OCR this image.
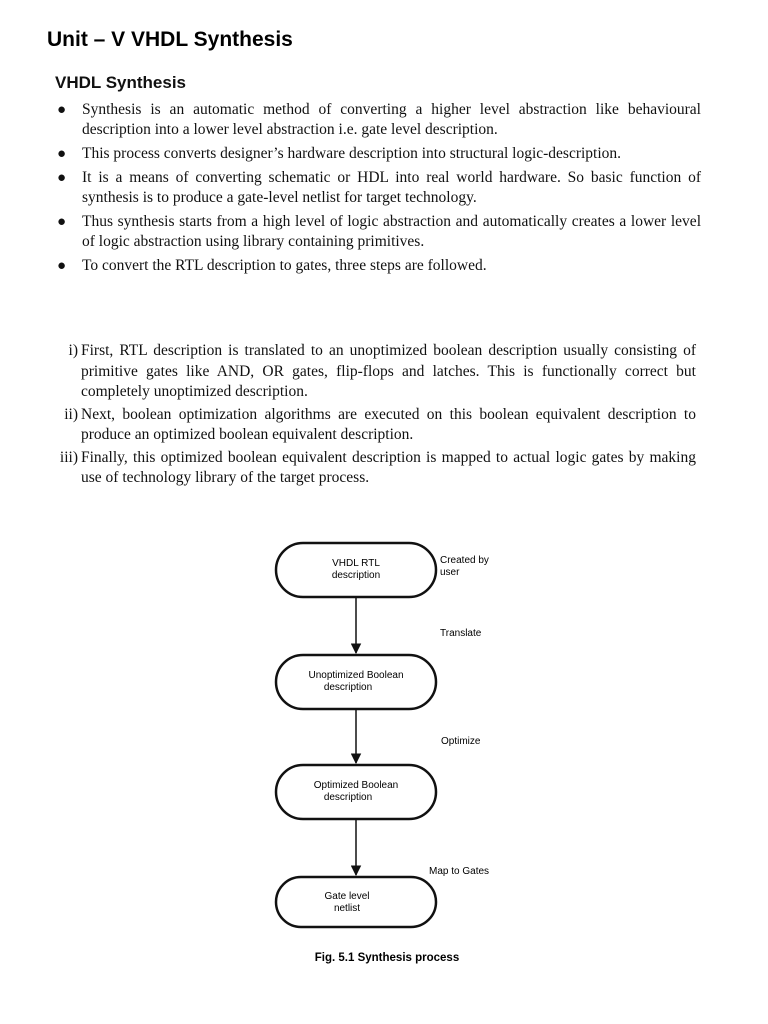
Unit – V VHDL Synthesis
VHDL Synthesis
● Synthesis is an automatic method of converting a higher level abstraction like behavioural description into a lower level abstraction i.e. gate level description.
● This process converts designer’s hardware description into structural logic-description.
● It is a means of converting schematic or HDL into real world hardware. So basic function of synthesis is to produce a gate-level netlist for target technology.
● Thus synthesis starts from a high level of logic abstraction and automatically creates a lower level of logic abstraction using library containing primitives.
● To convert the RTL description to gates, three steps are followed.
i) First, RTL description is translated to an unoptimized boolean description usually consisting of primitive gates like AND, OR gates, flip-flops and latches. This is functionally correct but completely unoptimized description.
ii) Next, boolean optimization algorithms are executed on this boolean equivalent description to produce an optimized boolean equivalent description.
iii) Finally, this optimized boolean equivalent description is mapped to actual logic gates by making use of technology library of the target process.
VHDL RTL
description
Created by
user
Translate
Unoptimized Boolean
description
Optimize
Optimized Boolean
description
Map to Gates
Gate level
netlist
Fig. 5.1 Synthesis process
